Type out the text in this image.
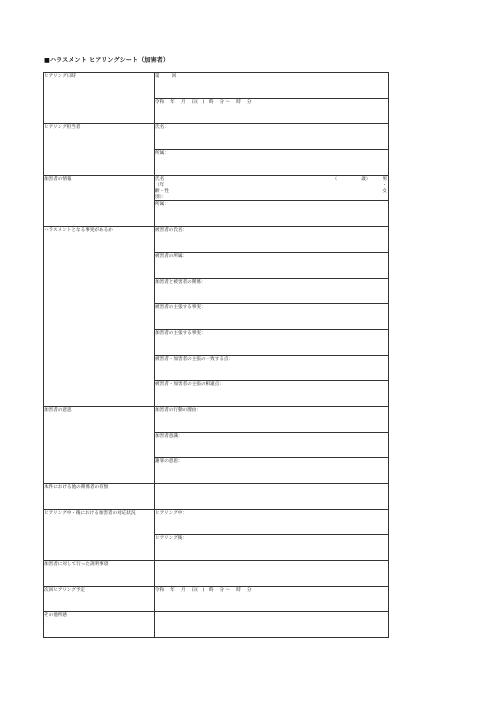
■ハラスメント ヒアリングシート（加害者）
ヒアリング日時	第 回
	令和　 年　 月　 日(　)　時　 分 〜　 時　 分
ヒアリング担当者	氏名：
	所属：
加害者の情報	氏名（年齢・性別）：
（ 歳） 男 ・ 女

	所属：
ハラスメントとなる事実があるか	被害者の氏名：
	被害者の所属：
	加害者と被害者の関係：
	被害者の主張する事実：
	加害者の主張する事実：
	被害者・加害者の主張の一致する点：
	被害者・加害者の主張の相違点：
加害者の意思	加害者の行動の理由：
	加害者意識：
	謝罪の意思：
本件における他の関係者の有無	
ヒアリング中・後における加害者の対応状況	ヒアリング中：
	ヒアリング後：
加害者に対して行った説明事項	
次回ヒアリング予定	令和　 年　 月　 日(　)　時　 分 〜　 時　 分
その他所感	
